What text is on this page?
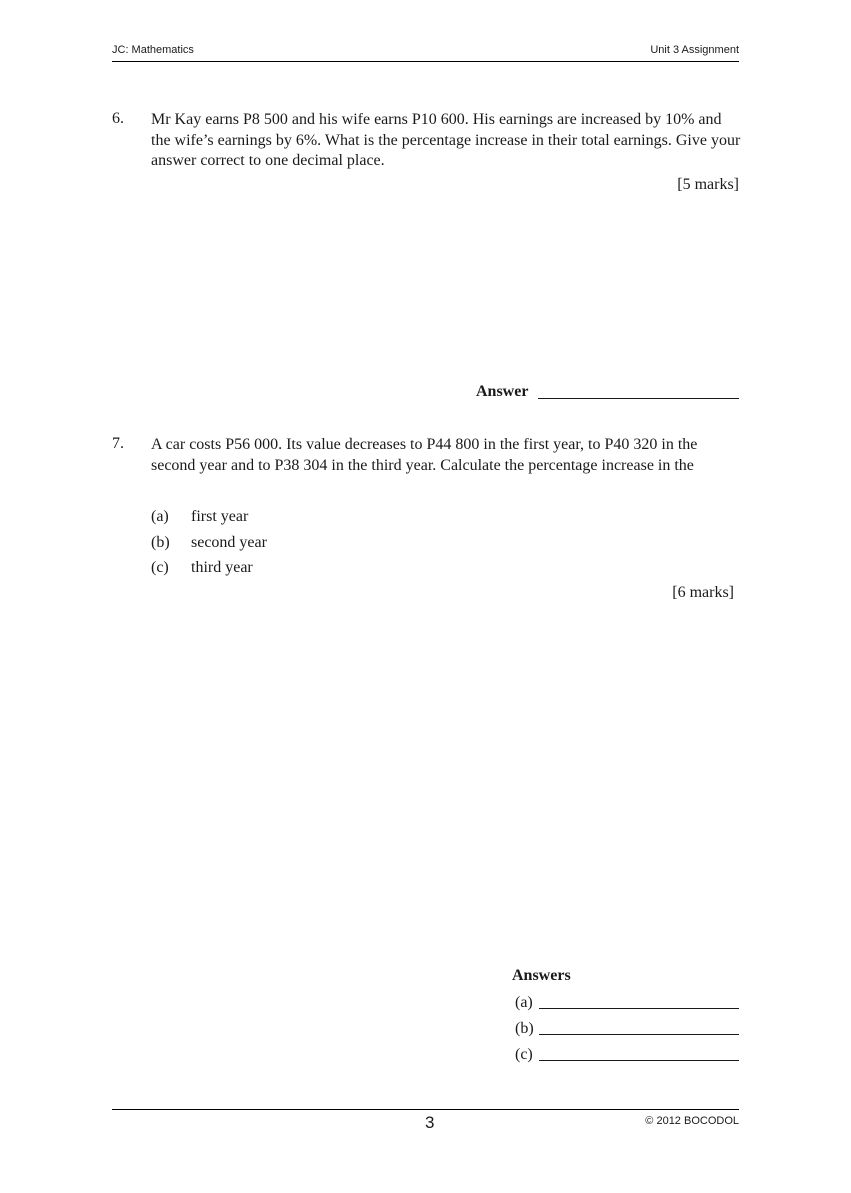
JC: Mathematics	Unit 3 Assignment
6. Mr Kay earns P8 500 and his wife earns P10 600. His earnings are increased by 10% and the wife’s earnings by 6%. What is the percentage increase in their total earnings. Give your answer correct to one decimal place.
[5 marks]
Answer
7. A car costs P56 000. Its value decreases to P44 800 in the first year, to P40 320 in the second year and to P38 304 in the third year. Calculate the percentage increase in the
(a) first year
(b) second year
(c) third year
[6 marks]
Answers
(a)
(b)
(c)
3	© 2012 BOCODOL
